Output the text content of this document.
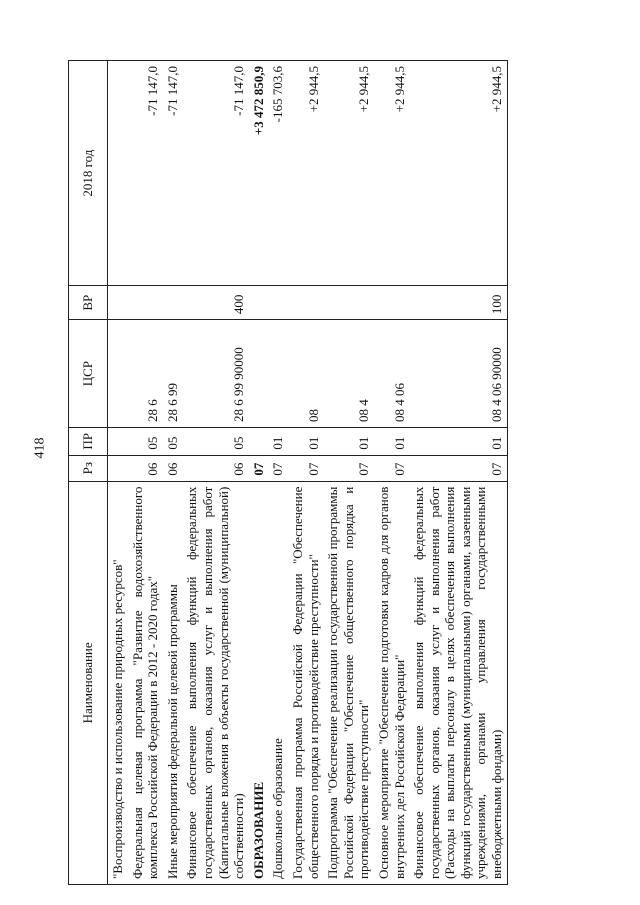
418
Наименование	Рз	ПР	ЦСР	ВР	2018 год
"Воспроизводство и использование природных ресурсов"					
Федеральная целевая программа "Развитие водохозяйственного комплекса Российской Федерации в 2012 - 2020 годах"	06	05	28 6		-71 147,0
Иные мероприятия федеральной целевой программы	06	05	28 6 99		-71 147,0
Финансовое обеспечение выполнения функций федеральных государственных органов, оказания услуг и выполнения работ (Капитальные вложения в объекты государственной (муниципальной) собственности)	06	05	28 6 99 90000	400	-71 147,0
ОБРАЗОВАНИЕ	07				+3 472 850,9
Дошкольное образование	07	01			-165 703,6
Государственная программа Российской Федерации "Обеспечение общественного порядка и противодействие преступности"	07	01	08		+2 944,5
Подпрограмма "Обеспечение реализации государственной программы Российской Федерации "Обеспечение общественного порядка и противодействие преступности"	07	01	08 4		+2 944,5
Основное мероприятие "Обеспечение подготовки кадров для органов внутренних дел Российской Федерации"	07	01	08 4 06		+2 944,5
Финансовое обеспечение выполнения функций федеральных государственных органов, оказания услуг и выполнения работ (Расходы на выплаты персоналу в целях обеспечения выполнения функций государственными (муниципальными) органами, казенными учреждениями, органами управления государственными внебюджетными фондами)	07	01	08 4 06 90000	100	+2 944,5
